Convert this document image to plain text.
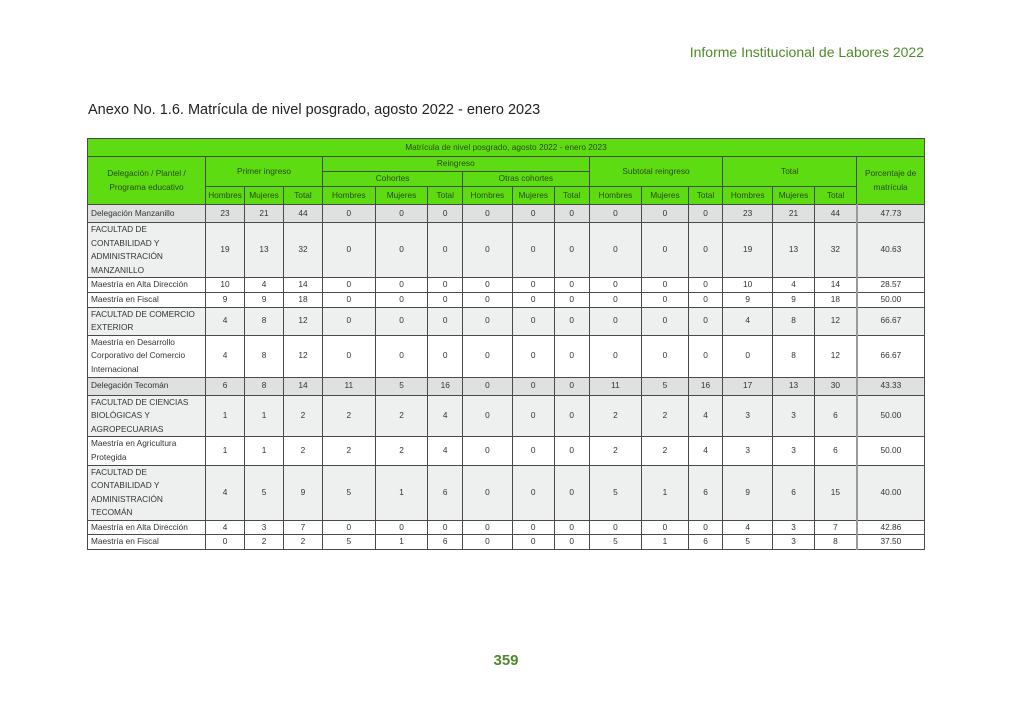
Informe Institucional de Labores 2022
Anexo No. 1.6. Matrícula de nivel posgrado, agosto 2022 - enero 2023
Matrícula de nivel posgrado, agosto 2022 - enero 2023																
Delegación / Plantel / Programa educativo	Primer ingreso			Reingreso						Subtotal reingreso			Total			Porcentaje de matrícula
				Cohortes			Otras cohortes									
	Hombres	Mujeres	Total	Hombres	Mujeres	Total	Hombres	Mujeres	Total	Hombres	Mujeres	Total	Hombres	Mujeres	Total	
Delegación Manzanillo	23	21	44	0	0	0	0	0	0	0	0	0	23	21	44	47.73
FACULTAD DE CONTABILIDAD Y ADMINISTRACIÓN MANZANILLO	19	13	32	0	0	0	0	0	0	0	0	0	19	13	32	40.63
Maestría en Alta Dirección	10	4	14	0	0	0	0	0	0	0	0	0	10	4	14	28.57
Maestría en Fiscal	9	9	18	0	0	0	0	0	0	0	0	0	9	9	18	50.00
FACULTAD DE COMERCIO EXTERIOR	4	8	12	0	0	0	0	0	0	0	0	0	4	8	12	66.67
Maestría en Desarrollo Corporativo del Comercio Internacional	4	8	12	0	0	0	0	0	0	0	0	0	0	8	12	66.67
Delegación Tecomán	6	8	14	11	5	16	0	0	0	11	5	16	17	13	30	43.33
FACULTAD DE CIENCIAS BIOLÓGICAS Y AGROPECUARIAS	1	1	2	2	2	4	0	0	0	2	2	4	3	3	6	50.00
Maestría en Agricultura Protegida	1	1	2	2	2	4	0	0	0	2	2	4	3	3	6	50.00
FACULTAD DE CONTABILIDAD Y ADMINISTRACIÓN TECOMÁN	4	5	9	5	1	6	0	0	0	5	1	6	9	6	15	40.00
Maestría en Alta Dirección	4	3	7	0	0	0	0	0	0	0	0	0	4	3	7	42.86
Maestría en Fiscal	0	2	2	5	1	6	0	0	0	5	1	6	5	3	8	37.50
359
